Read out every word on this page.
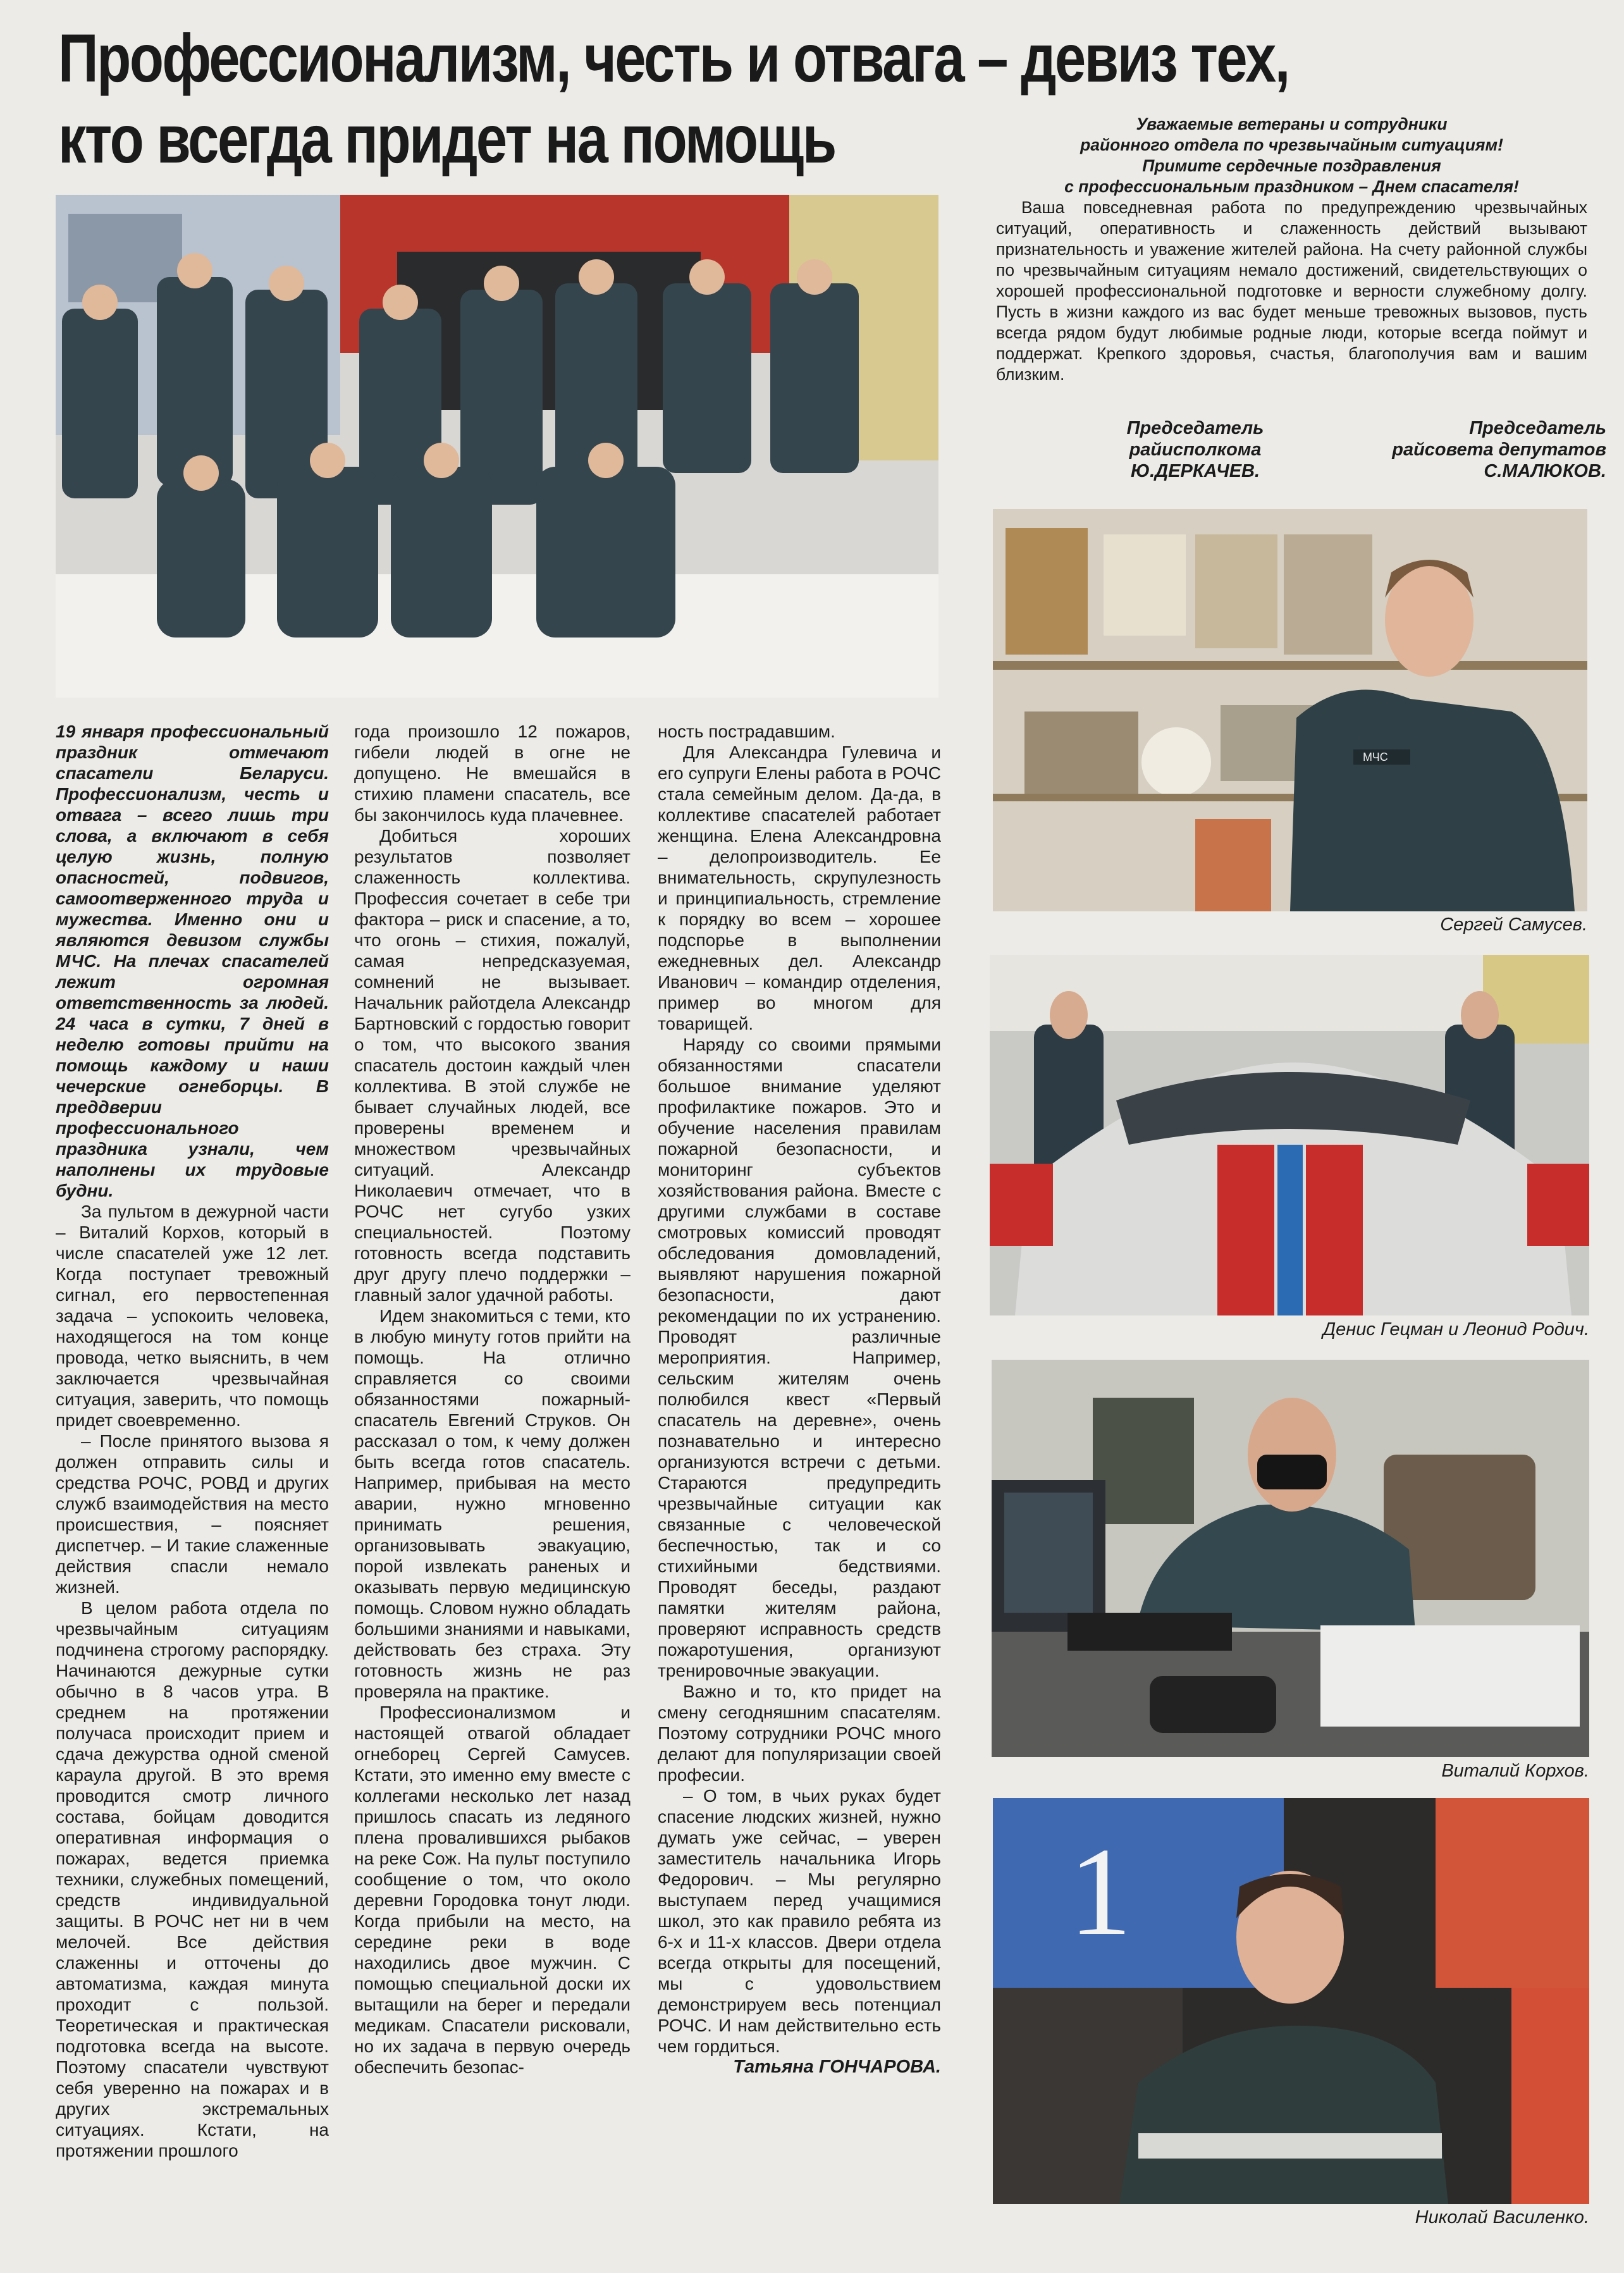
Профессионализм, честь и отвага – девиз тех,
кто всегда придет на помощь	Уважаемые ветераны и сотрудники
районного отдела по чрезвычайным ситуациям!
Примите сердечные поздравления
с профессиональным праздником – Днем спасателя!

Ваша повседневная работа по предупреждению чрезвычайных ситуаций, оперативность и слаженность действий вызывают признательность и уважение жителей района. На счету районной службы по чрезвычайным ситуациям немало достижений, свидетельствующих о хорошей профессиональной подготовке и верности служебному долгу. Пусть в жизни каждого из вас будет меньше тревожных вызовов, пусть всегда рядом будут любимые родные люди, которые всегда поймут и поддержат. Крепкого здоровья, счастья, благополучия вам и вашим близким.

Председатель
райисполкома
Ю.ДЕРКАЧЕВ.
Председатель
райсовета депутатов
С.МАЛЮКОВ.
МЧС
Сергей Самусев.
Денис Гецман и Леонид Родич.
Виталий Корхов.
1
Николай Василенко.

19 января профессиональный праздник отмечают спасатели Беларуси. Профессионализм, честь и отвага – всего лишь три слова, а включают в себя целую жизнь, полную опасностей, подвигов, самоотверженного труда и мужества. Именно они и являются девизом службы МЧС. На плечах спасателей лежит огромная ответственность за людей. 24 часа в сутки, 7 дней в неделю готовы прийти на помощь каждому и наши чечерские огнеборцы. В преддверии профессионального праздника узнали, чем наполнены их трудовые будни.

За пультом в дежурной части – Виталий Корхов, который в числе спасателей уже 12 лет. Когда поступает тревожный сигнал, его первостепенная задача – успокоить человека, находящегося на том конце провода, четко выяснить, в чем заключается чрезвычайная ситуация, заверить, что помощь придет своевременно.

– После принятого вызова я должен отправить силы и средства РОЧС, РОВД и других служб взаимодействия на место происшествия, – поясняет диспетчер. – И такие слаженные действия спасли немало жизней.

В целом работа отдела по чрезвычайным ситуациям подчинена строгому распорядку. Начинаются дежурные сутки обычно в 8 часов утра. В среднем на протяжении получаса происходит прием и сдача дежурства одной сменой караула другой. В это время проводится смотр личного состава, бойцам доводится оперативная информация о пожарах, ведется приемка техники, служебных помещений, средств индивидуальной защиты. В РОЧС нет ни в чем мелочей. Все действия слаженны и отточены до автоматизма, каждая минута проходит с пользой. Теоретическая и практическая подготовка всегда на высоте. Поэтому спасатели чувствуют себя уверенно на пожарах и в других экстремальных ситуациях. Кстати, на протяжении прошлого

года произошло 12 пожаров, гибели людей в огне не допущено. Не вмешайся в стихию пламени спасатель, все бы закончилось куда плачевнее.

Добиться хороших результатов позволяет слаженность коллектива. Профессия сочетает в себе три фактора – риск и спасение, а то, что огонь – стихия, пожалуй, самая непредсказуемая, сомнений не вызывает. Начальник райотдела Александр Бартновский с гордостью говорит о том, что высокого звания спасатель достоин каждый член коллектива. В этой службе не бывает случайных людей, все проверены временем и множеством чрезвычайных ситуаций. Александр Николаевич отмечает, что в РОЧС нет сугубо узких специальностей. Поэтому готовность всегда подставить друг другу плечо поддержки – главный залог удачной работы.

Идем знакомиться с теми, кто в любую минуту готов прийти на помощь. На отлично справляется со своими обязанностями пожарный-спасатель Евгений Струков. Он рассказал о том, к чему должен быть всегда готов спасатель. Например, прибывая на место аварии, нужно мгновенно принимать решения, организовывать эвакуацию, порой извлекать раненых и оказывать первую медицинскую помощь. Словом нужно обладать большими знаниями и навыками, действовать без страха. Эту готовность жизнь не раз проверяла на практике.

Профессионализмом и настоящей отвагой обладает огнеборец Сергей Самусев. Кстати, это именно ему вместе с коллегами несколько лет назад пришлось спасать из ледяного плена провалившихся рыбаков на реке Сож. На пульт поступило сообщение о том, что около деревни Городовка тонут люди. Когда прибыли на место, на середине реки в воде находились двое мужчин. С помощью специальной доски их вытащили на берег и передали медикам. Спасатели рисковали, но их задача в первую очередь обеспечить безопас-

ность пострадавшим.

Для Александра Гулевича и его супруги Елены работа в РОЧС стала семейным делом. Да-да, в коллективе спасателей работает женщина. Елена Александровна – делопроизводитель. Ее внимательность, скрупулезность и принципиальность, стремление к порядку во всем – хорошее подспорье в выполнении ежедневных дел. Александр Иванович – командир отделения, пример во многом для товарищей.

Наряду со своими прямыми обязанностями спасатели большое внимание уделяют профилактике пожаров. Это и обучение населения правилам пожарной безопасности, и мониторинг субъектов хозяйствования района. Вместе с другими службами в составе смотровых комиссий проводят обследования домовладений, выявляют нарушения пожарной безопасности, дают рекомендации по их устранению. Проводят различные мероприятия. Например, сельским жителям очень полюбился квест «Первый спасатель на деревне», очень познавательно и интересно организуются встречи с детьми. Стараются предупредить чрезвычайные ситуации как связанные с человеческой беспечностью, так и со стихийными бедствиями. Проводят беседы, раздают памятки жителям района, проверяют исправность средств пожаротушения, организуют тренировочные эвакуации.

Важно и то, кто придет на смену сегодняшним спасателям. Поэтому сотрудники РОЧС много делают для популяризации своей професии.

– О том, в чьих руках будет спасение людских жизней, нужно думать уже сейчас, – уверен заместитель начальника Игорь Федорович. – Мы регулярно выступаем перед учащимися школ, это как правило ребята из 6-х и 11-х классов. Двери отдела всегда открыты для посещений, мы с удовольствием демонстрируем весь потенциал РОЧС. И нам действительно есть чем гордиться.

Татьяна ГОНЧАРОВА.
